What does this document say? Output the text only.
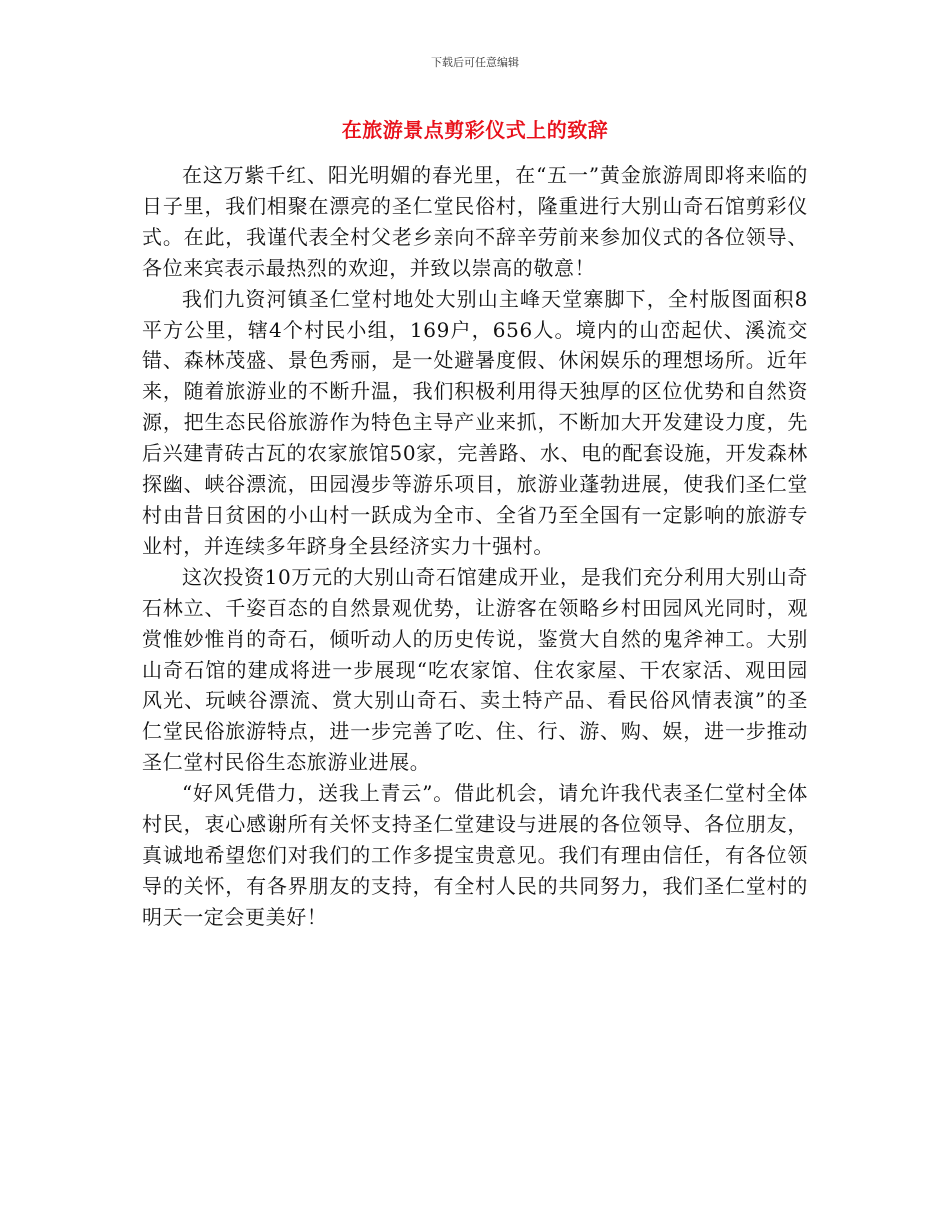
下载后可任意编辑
在旅游景点剪彩仪式上的致辞

在这万紫千红、阳光明媚的春光里，在“五一”黄金旅游周即将来临的日子里，我们相聚在漂亮的圣仁堂民俗村，隆重进行大别山奇石馆剪彩仪式。在此，我谨代表全村父老乡亲向不辞辛劳前来参加仪式的各位领导、各位来宾表示最热烈的欢迎，并致以崇高的敬意！

我们九资河镇圣仁堂村地处大别山主峰天堂寨脚下，全村版图面积8平方公里，辖4个村民小组，169户，656人。境内的山峦起伏、溪流交错、森林茂盛、景色秀丽，是一处避暑度假、休闲娱乐的理想场所。近年来，随着旅游业的不断升温，我们积极利用得天独厚的区位优势和自然资源，把生态民俗旅游作为特色主导产业来抓，不断加大开发建设力度，先后兴建青砖古瓦的农家旅馆50家，完善路、水、电的配套设施，开发森林探幽、峡谷漂流，田园漫步等游乐项目，旅游业蓬勃进展，使我们圣仁堂村由昔日贫困的小山村一跃成为全市、全省乃至全国有一定影响的旅游专业村，并连续多年跻身全县经济实力十强村。

这次投资10万元的大别山奇石馆建成开业，是我们充分利用大别山奇石林立、千姿百态的自然景观优势，让游客在领略乡村田园风光同时，观赏惟妙惟肖的奇石，倾听动人的历史传说，鉴赏大自然的鬼斧神工。大别山奇石馆的建成将进一步展现“吃农家馆、住农家屋、干农家活、观田园风光、玩峡谷漂流、赏大别山奇石、卖土特产品、看民俗风情表演”的圣仁堂民俗旅游特点，进一步完善了吃、住、行、游、购、娱，进一步推动圣仁堂村民俗生态旅游业进展。

“好风凭借力，送我上青云”。借此机会，请允许我代表圣仁堂村全体村民，衷心感谢所有关怀支持圣仁堂建设与进展的各位领导、各位朋友，真诚地希望您们对我们的工作多提宝贵意见。我们有理由信任，有各位领导的关怀，有各界朋友的支持，有全村人民的共同努力，我们圣仁堂村的明天一定会更美好！
